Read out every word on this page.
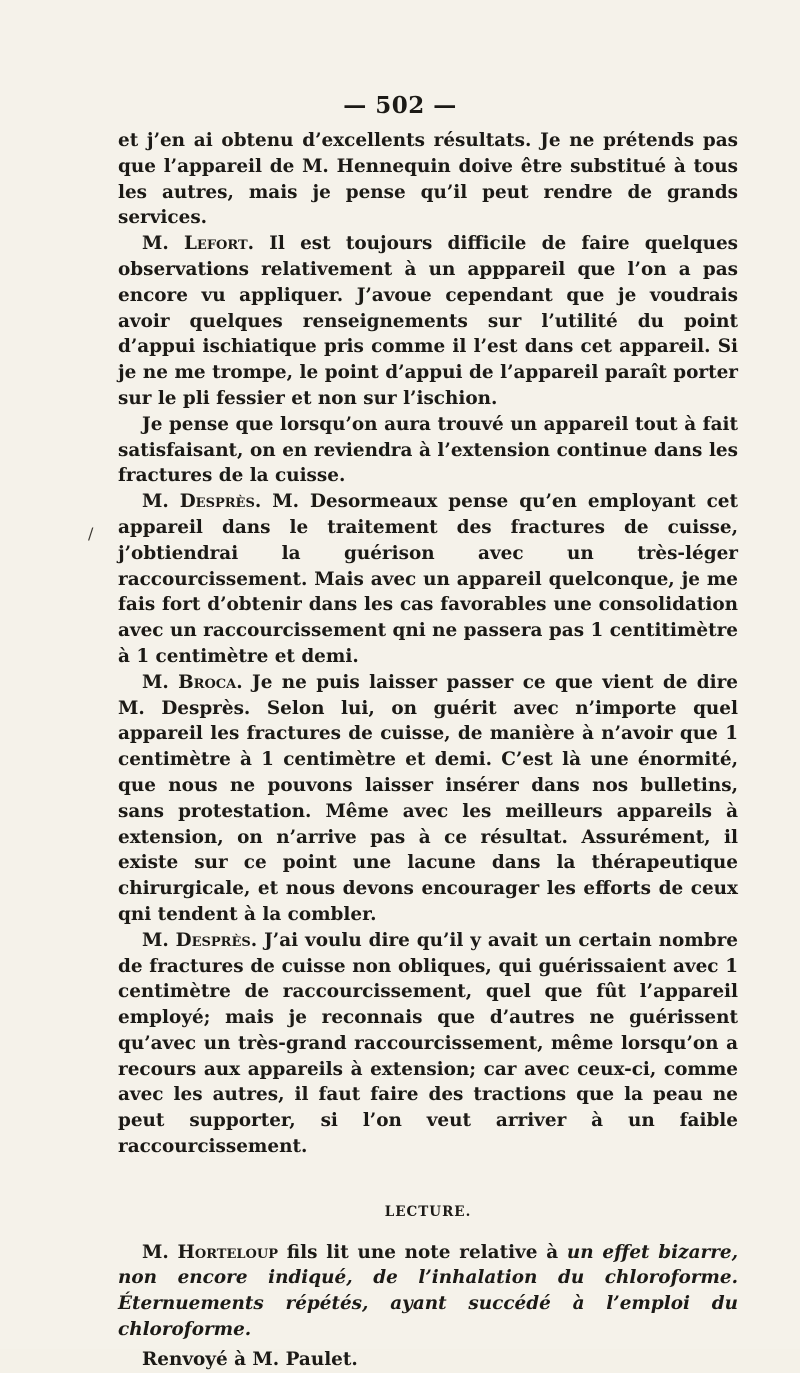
— 502 —
/

et j’en ai obtenu d’excellents résultats. Je ne prétends pas que l’appareil de M. Hennequin doive être substitué à tous les autres, mais je pense qu’il peut rendre de grands services.

M. Lefort. Il est toujours difficile de faire quelques observations relativement à un apppareil que l’on a pas encore vu appliquer. J’avoue cependant que je voudrais avoir quelques renseignements sur l’utilité du point d’appui ischiatique pris comme il l’est dans cet appareil. Si je ne me trompe, le point d’appui de l’appareil paraît porter sur le pli fessier et non sur l’ischion.

Je pense que lorsqu’on aura trouvé un appareil tout à fait satisfaisant, on en reviendra à l’extension continue dans les fractures de la cuisse.

M. Desprès. M. Desormeaux pense qu’en employant cet appareil dans le traitement des fractures de cuisse, j’obtiendrai la guérison avec un très-léger raccourcissement. Mais avec un appareil quelconque, je me fais fort d’obtenir dans les cas favorables une consolidation avec un raccourcissement qni ne passera pas 1 centitimètre à 1 centimètre et demi.

M. Broca. Je ne puis laisser passer ce que vient de dire M. Desprès. Selon lui, on guérit avec n’importe quel appareil les fractures de cuisse, de manière à n’avoir que 1 centimètre à 1 centimètre et demi. C’est là une énormité, que nous ne pouvons laisser insérer dans nos bulletins, sans protestation. Même avec les meilleurs appareils à extension, on n’arrive pas à ce résultat. Assurément, il existe sur ce point une lacune dans la thérapeutique chirurgicale, et nous devons encourager les efforts de ceux qni tendent à la combler.

M. Desprès. J’ai voulu dire qu’il y avait un certain nombre de fractures de cuisse non obliques, qui guérissaient avec 1 centimètre de raccourcissement, quel que fût l’appareil employé; mais je reconnais que d’autres ne guérissent qu’avec un très-grand raccourcissement, même lorsqu’on a recours aux appareils à extension; car avec ceux-ci, comme avec les autres, il faut faire des tractions que la peau ne peut supporter, si l’on veut arriver à un faible raccourcissement.

LECTURE.

M. Horteloup fils lit une note relative à un effet bizarre, non encore indiqué, de l’inhalation du chloroforme. Éternuements répétés, ayant succédé à l’emploi du chloroforme.

Renvoyé à M. Paulet.
